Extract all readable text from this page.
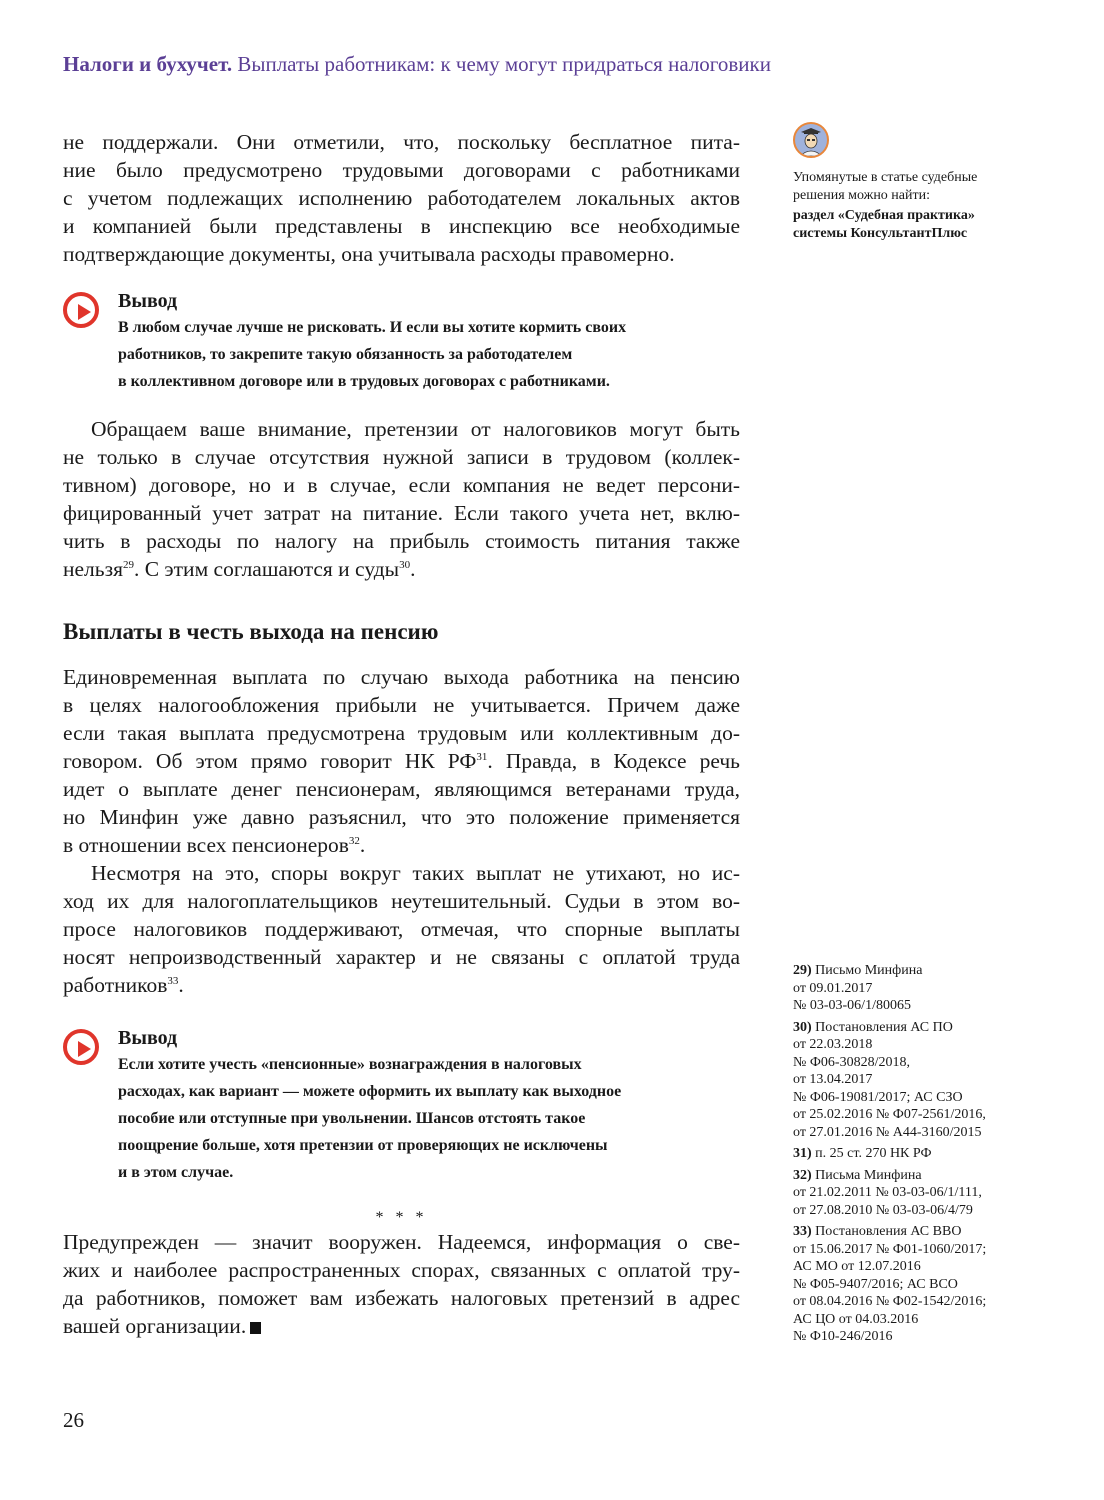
Налоги и бухучет. Выплаты работникам: к чему могут придраться налоговики
Упомянутые в статье судебные
решения можно найти:
раздел «Судебная практика»
системы КонсультантПлюс

не поддержали. Они отметили, что, поскольку бесплатное пита-
ние было предусмотрено трудовыми договорами с работниками
с учетом подлежащих исполнению работодателем локальных актов
и компанией были представлены в инспекцию все необходимые
подтверждающие документы, она учитывала расходы правомерно.

Вывод
В любом случае лучше не рисковать. И если вы хотите кормить своих
работников, то закрепите такую обязанность за работодателем
в коллективном договоре или в трудовых договорах с работниками.

Обращаем ваше внимание, претензии от налоговиков могут быть
не только в случае отсутствия нужной записи в трудовом (коллек-
тивном) договоре, но и в случае, если компания не ведет персони-
фицированный учет затрат на питание. Если такого учета нет, вклю-
чить в расходы по налогу на прибыль стоимость питания также
нельзя$^{29}$. С этим соглашаются и суды$^{30}$.

Выплаты в честь выхода на пенсию

Единовременная выплата по случаю выхода работника на пенсию
в целях налогообложения прибыли не учитывается. Причем даже
если такая выплата предусмотрена трудовым или коллективным до-
говором. Об этом прямо говорит НК РФ$^{31}$. Правда, в Кодексе речь
идет о выплате денег пенсионерам, являющимся ветеранами труда,
но Минфин уже давно разъяснил, что это положение применяется
в отношении всех пенсионеров$^{32}$.

Несмотря на это, споры вокруг таких выплат не утихают, но ис-
ход их для налогоплательщиков неутешительный. Судьи в этом во-
просе налоговиков поддерживают, отмечая, что спорные выплаты
носят непроизводственный характер и не связаны с оплатой труда
работников$^{33}$.

Вывод
Если хотите учесть «пенсионные» вознаграждения в налоговых
расходах, как вариант — можете оформить их выплату как выходное
пособие или отступные при увольнении. Шансов отстоять такое
поощрение больше, хотя претензии от проверяющих не исключены
и в этом случае.
* * *

Предупрежден — значит вооружен. Надеемся, информация о све-
жих и наиболее распространенных спорах, связанных с оплатой тру-
да работников, поможет вам избежать налоговых претензий в адрес
вашей организации.

29) Письмо Минфина
от 09.01.2017
№ 03-03-06/1/80065
30) Постановления АС ПО
от 22.03.2018
№ Ф06-30828/2018,
от 13.04.2017
№ Ф06-19081/2017; АС СЗО
от 25.02.2016 № Ф07-2561/2016,
от 27.01.2016 № А44-3160/2015
31) п. 25 ст. 270 НК РФ
32) Письма Минфина
от 21.02.2011 № 03-03-06/1/111,
от 27.08.2010 № 03-03-06/4/79
33) Постановления АС ВВО
от 15.06.2017 № Ф01-1060/2017;
АС МО от 12.07.2016
№ Ф05-9407/2016; АС ВСО
от 08.04.2016 № Ф02-1542/2016;
АС ЦО от 04.03.2016
№ Ф10-246/2016
26
